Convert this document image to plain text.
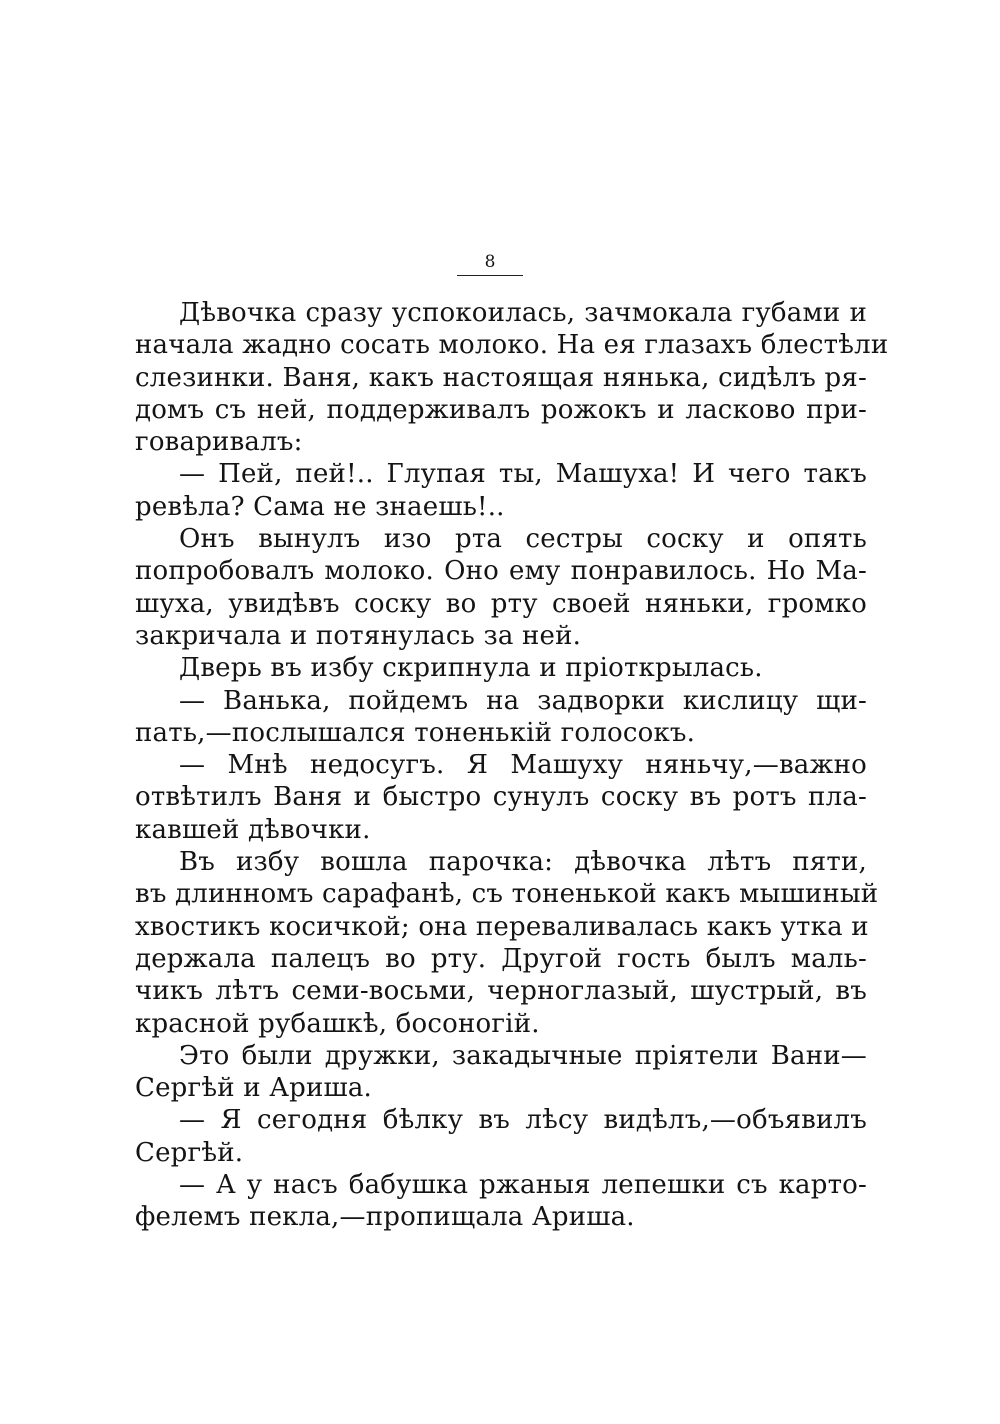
8
Дѣвочка сразу успокоилась, зачмокала губами и
начала жадно сосать молоко. На ея глазахъ блестѣли
слезинки. Ваня, какъ настоящая нянька, сидѣлъ ря-
домъ съ ней, поддерживалъ рожокъ и ласково при-
говаривалъ:
— Пей, пей!.. Глупая ты, Машуха! И чего такъ
ревѣла? Сама не знаешь!..
Онъ вынулъ изо рта сестры соску и опять
попробовалъ молоко. Оно ему понравилось. Но Ма-
шуха, увидѣвъ соску во рту своей няньки, громко
закричала и потянулась за ней.
Дверь въ избу скрипнула и пріоткрылась.
— Ванька, пойдемъ на задворки кислицу щи-
пать,—послышался тоненькій голосокъ.
— Мнѣ недосугъ. Я Машуху няньчу,—важно
отвѣтилъ Ваня и быстро сунулъ соску въ ротъ пла-
кавшей дѣвочки.
Въ избу вошла парочка: дѣвочка лѣтъ пяти,
въ длинномъ сарафанѣ, съ тоненькой какъ мышиный
хвостикъ косичкой; она переваливалась какъ утка и
держала палецъ во рту. Другой гость былъ маль-
чикъ лѣтъ семи-восьми, черноглазый, шустрый, въ
красной рубашкѣ, босоногій.
Это были дружки, закадычные пріятели Вани—
Сергѣй и Ариша.
— Я сегодня бѣлку въ лѣсу видѣлъ,—объявилъ
Сергѣй.
— А у насъ бабушка ржаныя лепешки съ карто-
фелемъ пекла,—пропищала Ариша.
